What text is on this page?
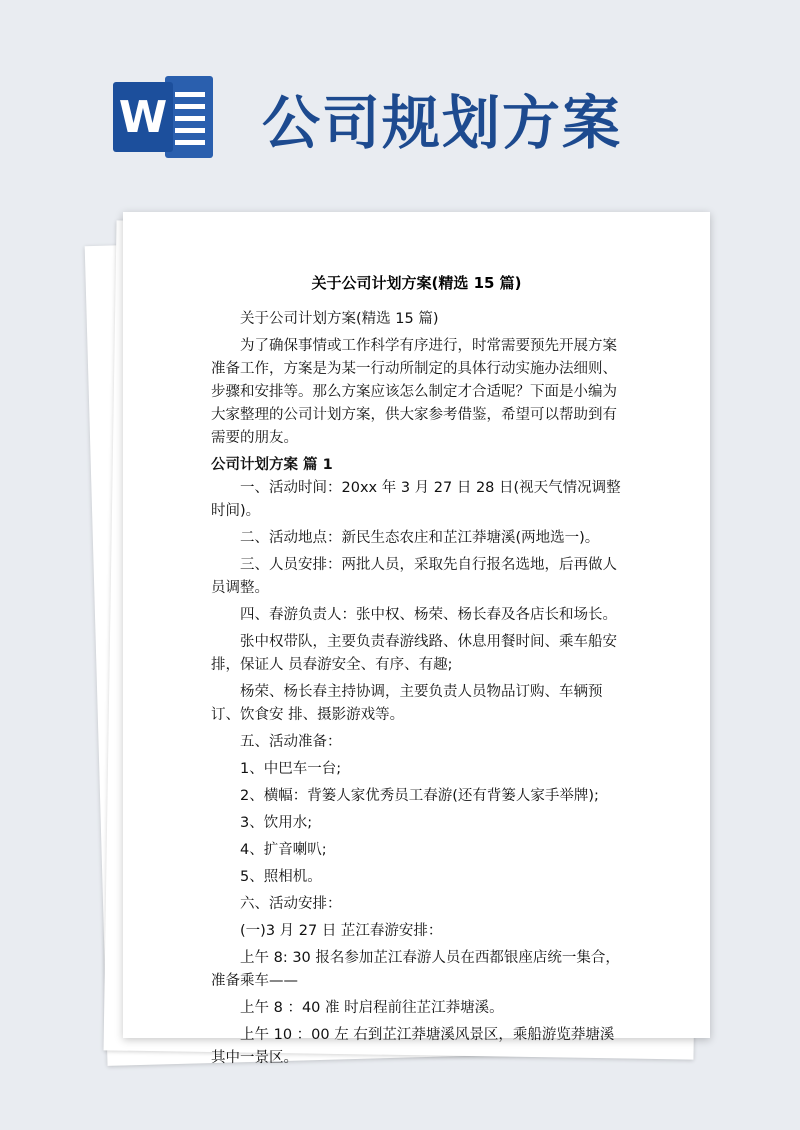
W 公司规划方案
关于公司计划方案(精选 15 篇)

关于公司计划方案(精选 15 篇)

为了确保事情或工作科学有序进行，时常需要预先开展方案准备工作，方案是为某一行动所制定的具体行动实施办法细则、步骤和安排等。那么方案应该怎么制定才合适呢？下面是小编为大家整理的公司计划方案，供大家参考借鉴，希望可以帮助到有需要的朋友。

公司计划方案 篇 1

一、活动时间：20xx 年 3 月 27 日 28 日(视天气情况调整时间)。

二、活动地点：新民生态农庄和芷江莽塘溪(两地选一)。

三、人员安排：两批人员，采取先自行报名选地，后再做人员调整。

四、春游负责人：张中权、杨荣、杨长春及各店长和场长。

张中权带队，主要负责春游线路、休息用餐时间、乘车船安排，保证人 员春游安全、有序、有趣;

杨荣、杨长春主持协调，主要负责人员物品订购、车辆预订、饮食安 排、摄影游戏等。

五、活动准备：

1、中巴车一台;

2、横幅：背篓人家优秀员工春游(还有背篓人家手举牌);

3、饮用水;

4、扩音喇叭;

5、照相机。

六、活动安排：

(一)3 月 27 日 芷江春游安排：

上午 8: 30 报名参加芷江春游人员在西都银座店统一集合，准备乘车——

上午 8 ：40 准 时启程前往芷江莽塘溪。

上午 10 ：00 左 右到芷江莽塘溪风景区，乘船游览莽塘溪其中一景区。
